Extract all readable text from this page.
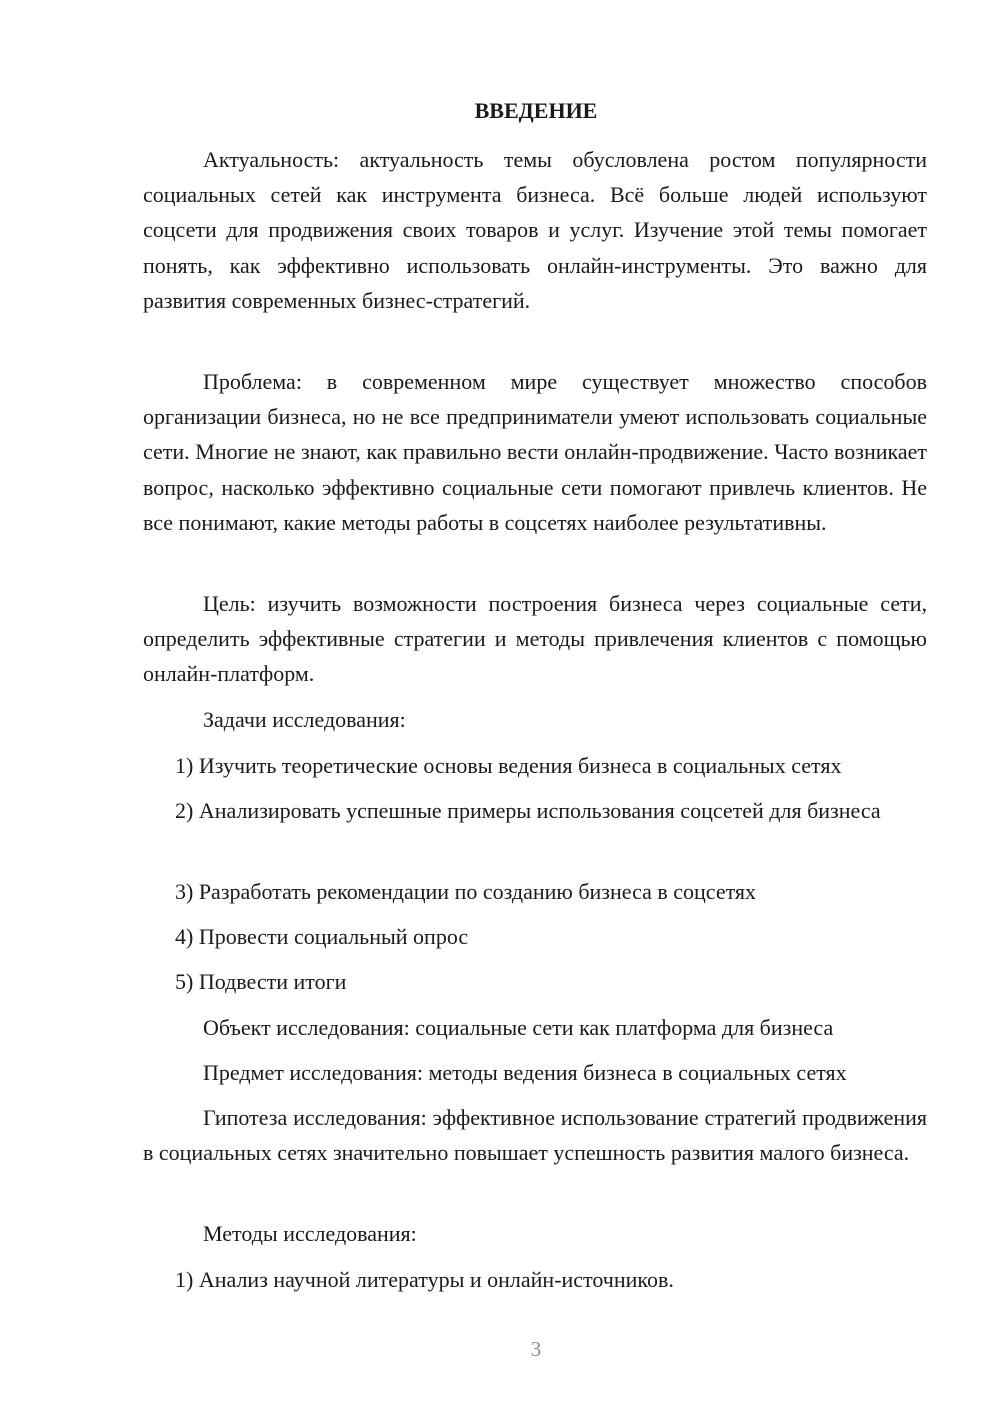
ВВЕДЕНИЕ

Актуальность: актуальность темы обусловлена ростом популярности социальных сетей как инструмента бизнеса. Всё больше людей используют соцсети для продвижения своих товаров и услуг. Изучение этой темы помогает понять, как эффективно использовать онлайн-инструменты. Это важно для развития современных бизнес-стратегий.

Проблема: в современном мире существует множество способов организации бизнеса, но не все предприниматели умеют использовать социальные сети. Многие не знают, как правильно вести онлайн-продвижение. Часто возникает вопрос, насколько эффективно социальные сети помогают привлечь клиентов. Не все понимают, какие методы работы в соцсетях наиболее результативны.

Цель: изучить возможности построения бизнеса через социальные сети, определить эффективные стратегии и методы привлечения клиентов с помощью онлайн-платформ.

Задачи исследования:

1) Изучить теоретические основы ведения бизнеса в социальных сетях

2) Анализировать успешные примеры использования соцсетей для бизнеса

3) Разработать рекомендации по созданию бизнеса в соцсетях

4) Провести социальный опрос

5) Подвести итоги

Объект исследования: социальные сети как платформа для бизнеса

Предмет исследования: методы ведения бизнеса в социальных сетях

Гипотеза исследования: эффективное использование стратегий продвижения в социальных сетях значительно повышает успешность развития малого бизнеса.

Методы исследования:

1) Анализ научной литературы и онлайн-источников.

3
